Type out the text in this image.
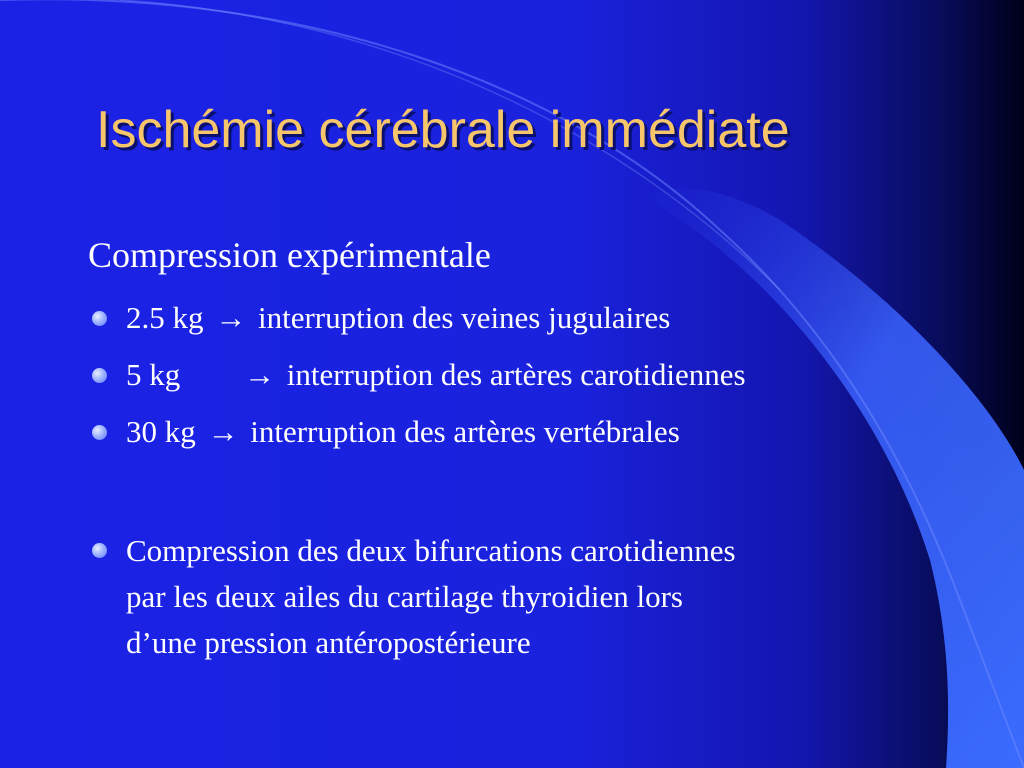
Ischémie cérébrale immédiate
Compression expérimentale
2.5 kg → interruption des veines jugulaires
5 kg → interruption des artères carotidiennes
30 kg → interruption des artères vertébrales
Compression des deux bifurcations carotidiennes
par les deux ailes du cartilage thyroidien lors
d’une pression antéropostérieure
